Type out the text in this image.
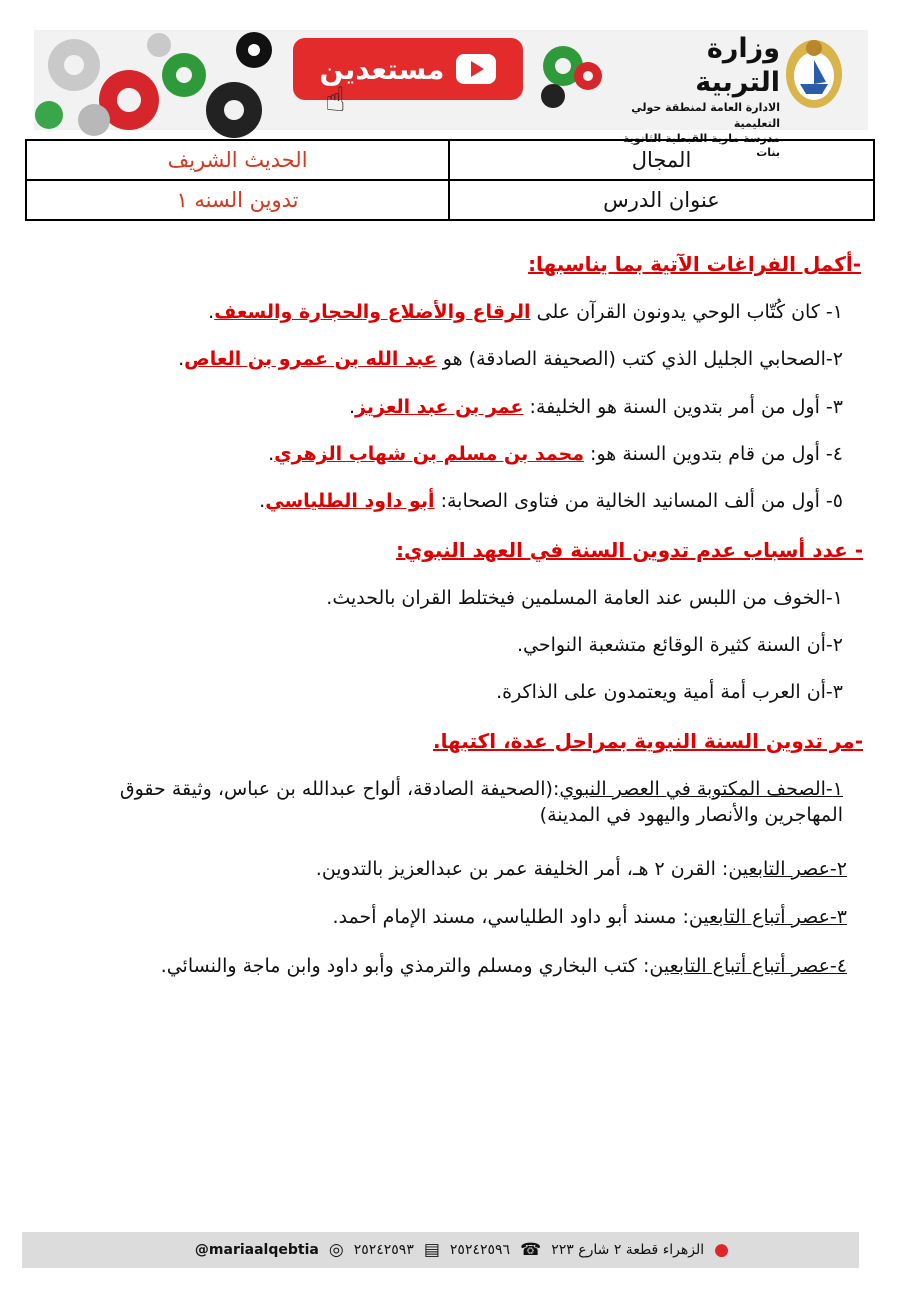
مستعدين
وزارة التربية
الادارة العامة لمنطقة حولي التعليمية
مدرسة مارية القبطية الثانوية بنات
☝
المجال	الحديث الشريف
عنوان الدرس	تدوين السنه ١
-أكمل الفراغات الآتية بما يناسبها:
١- كان كُتّاب الوحي يدونون القرآن على الرقاع والأضلاع والحجارة والسعف.
٢-الصحابي الجليل الذي كتب (الصحيفة الصادقة) هو عبد الله بن عمرو بن العاص.
٣- أول من أمر بتدوين السنة هو الخليفة: عمر بن عبد العزيز.
٤- أول من قام بتدوين السنة هو: محمد بن مسلم بن شهاب الزهري.
٥- أول من ألف المسانيد الخالية من فتاوى الصحابة: أبو داود الطلياسي.
- عدد أسباب عدم تدوين السنة في العهد النبوي:
١-الخوف من اللبس عند العامة المسلمين فيختلط القران بالحديث.
٢-أن السنة كثيرة الوقائع متشعبة النواحي.
٣-أن العرب أمة أمية ويعتمدون على الذاكرة.
-مر تدوين السنة النبوية بمراحل عدة، اكتبها.
١-الصحف المكتوبة في العصر النبوي:(الصحيفة الصادقة، ألواح عبدالله بن عباس، وثيقة حقوق المهاجرين والأنصار واليهود في المدينة)
٢-عصر التابعين: القرن ٢ هـ، أمر الخليفة عمر بن عبدالعزيز بالتدوين.
٣-عصر أتباع التابعين: مسند أبو داود الطلياسي، مسند الإمام أحمد.
٤-عصر أتباع أتباع التابعين: كتب البخاري ومسلم والترمذي وأبو داود وابن ماجة والنسائي.
●
الزهراء قطعة ٢ شارع ٢٢٣
☎
٢٥٢٤٢٥٩٦
▤
٢٥٢٤٢٥٩٣
◎
@mariaalqebtia
